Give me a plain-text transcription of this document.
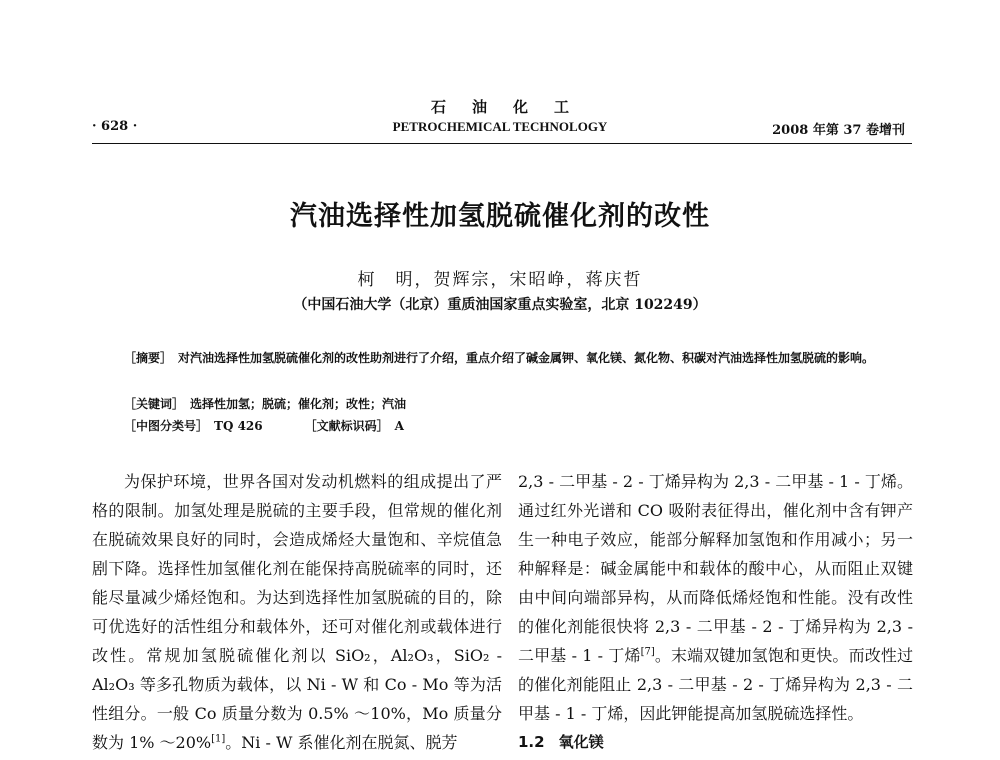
石油化工
· 628 ·	PETROCHEMICAL TECHNOLOGY	2008 年第 37 卷增刊
汽油选择性加氢脱硫催化剂的改性
柯　明，贺辉宗，宋昭峥，蒋庆哲
（中国石油大学（北京）重质油国家重点实验室，北京 102249）
［摘要］ 对汽油选择性加氢脱硫催化剂的改性助剂进行了介绍，重点介绍了碱金属钾、氧化镁、氮化物、积碳对汽油选择性加氢脱硫的影响。
［关键词］ 选择性加氢；脱硫；催化剂；改性；汽油
［中图分类号］ TQ 426	［文献标识码］ A

为保护环境，世界各国对发动机燃料的组成提出了严格的限制。加氢处理是脱硫的主要手段，但常规的催化剂在脱硫效果良好的同时，会造成烯烃大量饱和、辛烷值急剧下降。选择性加氢催化剂在能保持高脱硫率的同时，还能尽量减少烯烃饱和。为达到选择性加氢脱硫的目的，除可优选好的活性组分和载体外，还可对催化剂或载体进行改性。常规加氢脱硫催化剂以 SiO₂，Al₂O₃，SiO₂ - Al₂O₃ 等多孔物质为载体，以 Ni - W 和 Co - Mo 等为活性组分。一般 Co 质量分数为 0.5% ～10%，Mo 质量分数为 1% ～20%[1]。Ni - W 系催化剂在脱氮、脱芳

2,3 - 二甲基 - 2 - 丁烯异构为 2,3 - 二甲基 - 1 - 丁烯。通过红外光谱和 CO 吸附表征得出，催化剂中含有钾产生一种电子效应，能部分解释加氢饱和作用减小；另一种解释是：碱金属能中和载体的酸中心，从而阻止双键由中间向端部异构，从而降低烯烃饱和性能。没有改性的催化剂能很快将 2,3 - 二甲基 - 2 - 丁烯异构为 2,3 - 二甲基 - 1 - 丁烯[7]。末端双键加氢饱和更快。而改性过的催化剂能阻止 2,3 - 二甲基 - 2 - 丁烯异构为 2,3 - 二甲基 - 1 - 丁烯，因此钾能提高加氢脱硫选择性。

1.2 氧化镁
